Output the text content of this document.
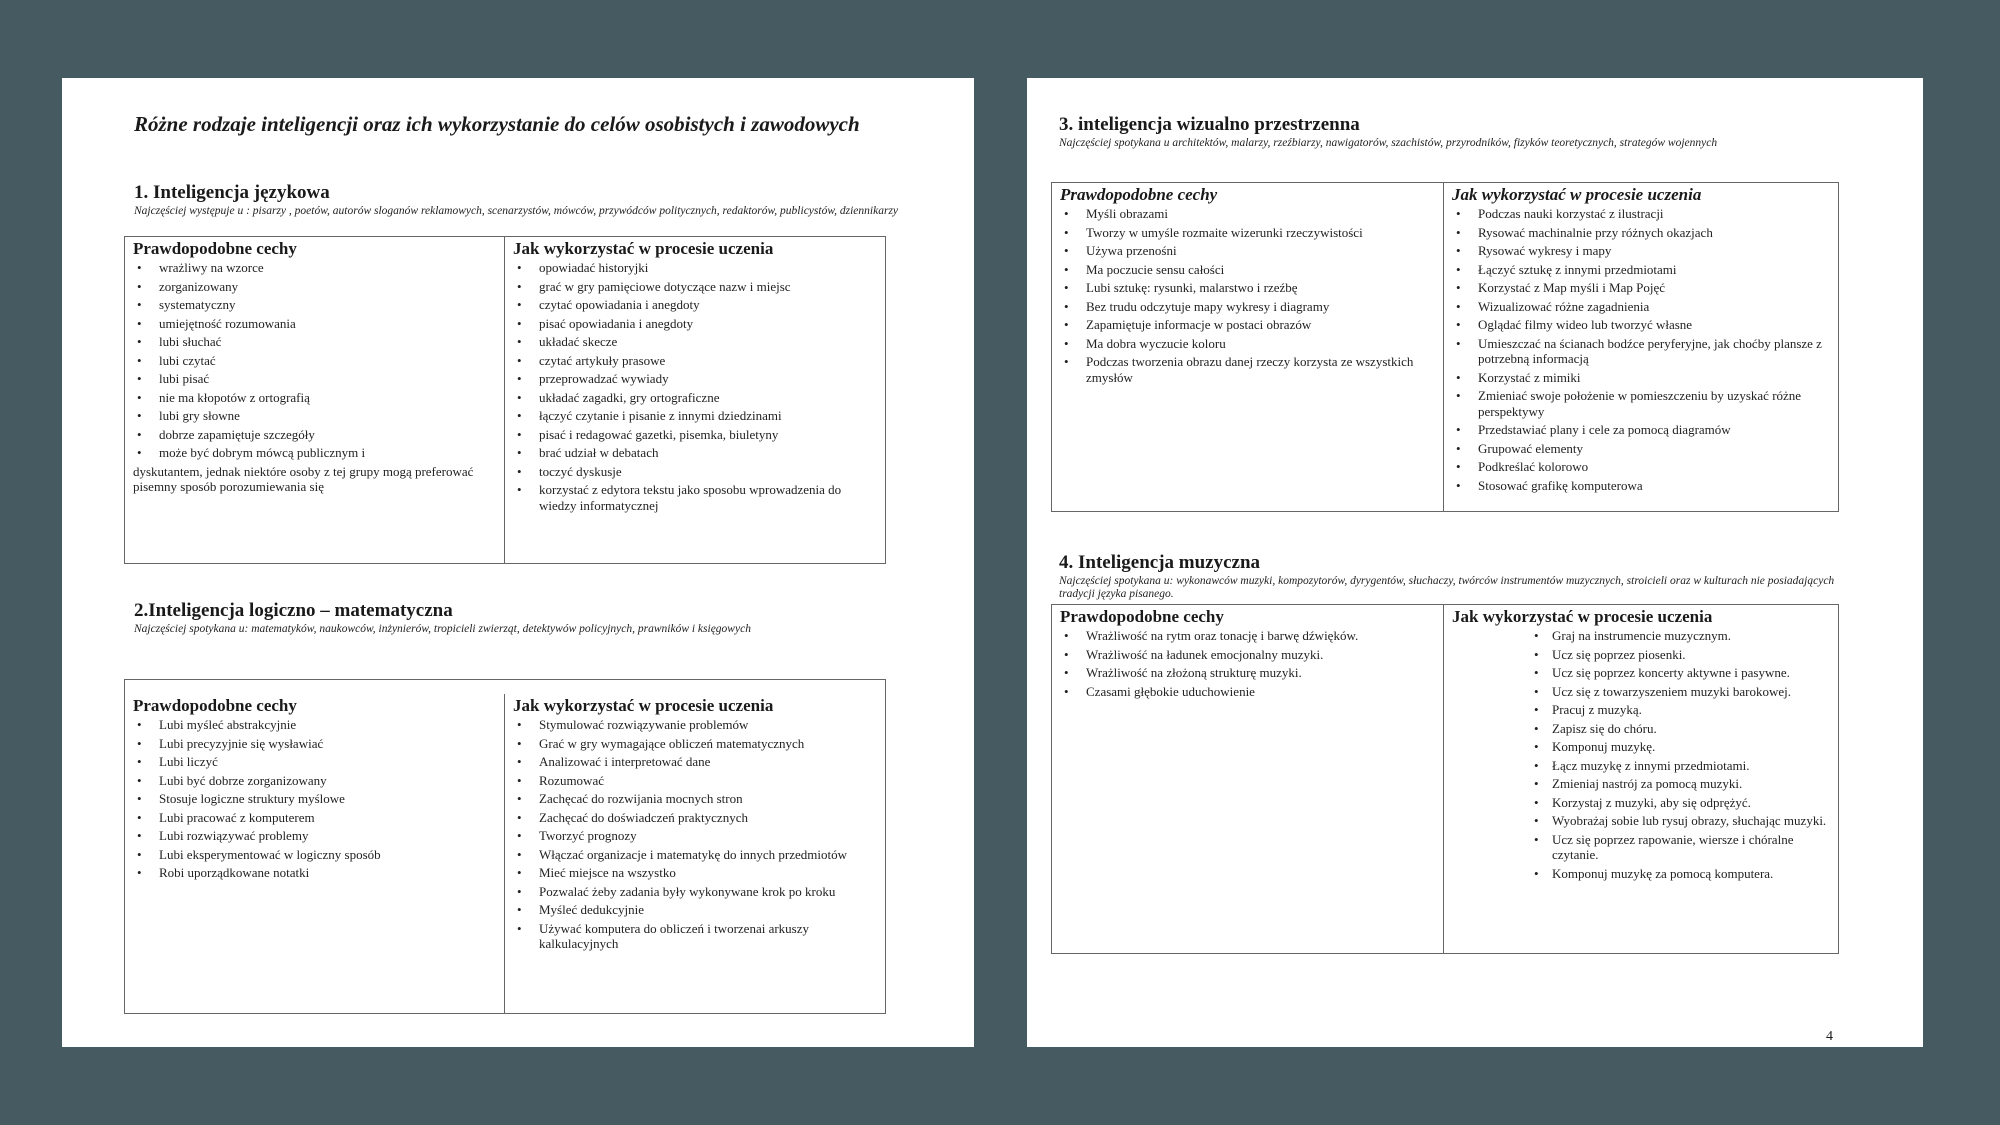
Różne rodzaje inteligencji oraz ich wykorzystanie do celów osobistych i zawodowych
1. Inteligencja językowa

Najczęściej występuje u : pisarzy , poetów, autorów sloganów reklamowych, scenarzystów, mówców, przywódców politycznych, redaktorów, publicystów, dziennikarzy

Prawdopodobne cechy
• wrażliwy na wzorce
• zorganizowany
• systematyczny
• umiejętność rozumowania
• lubi słuchać
• lubi czytać
• lubi pisać
• nie ma kłopotów z ortografią
• lubi gry słowne
• dobrze zapamiętuje szczegóły
• może być dobrym mówcą publicznym i

dyskutantem, jednak niektóre osoby z tej grupy mogą preferować pisemny sposób porozumiewania się

Jak wykorzystać w procesie uczenia
• opowiadać historyjki
• grać w gry pamięciowe dotyczące nazw i miejsc
• czytać opowiadania i anegdoty
• pisać opowiadania i anegdoty
• układać skecze
• czytać artykuły prasowe
• przeprowadzać wywiady
• układać zagadki, gry ortograficzne
• łączyć czytanie i pisanie z innymi dziedzinami
• pisać i redagować gazetki, pisemka, biuletyny
• brać udział w debatach
• toczyć dyskusje
• korzystać z edytora tekstu jako sposobu wprowadzenia do wiedzy informatycznej
2.Inteligencja logiczno – matematyczna

Najczęściej spotykana u: matematyków, naukowców, inżynierów, tropicieli zwierząt, detektywów policyjnych, prawników i księgowych

Prawdopodobne cechy
• Lubi myśleć abstrakcyjnie
• Lubi precyzyjnie się wysławiać
• Lubi liczyć
• Lubi być dobrze zorganizowany
• Stosuje logiczne struktury myślowe
• Lubi pracować z komputerem
• Lubi rozwiązywać problemy
• Lubi eksperymentować w logiczny sposób
• Robi uporządkowane notatki
Jak wykorzystać w procesie uczenia
• Stymulować rozwiązywanie problemów
• Grać w gry wymagające obliczeń matematycznych
• Analizować i interpretować dane
• Rozumować
• Zachęcać do rozwijania mocnych stron
• Zachęcać do doświadczeń praktycznych
• Tworzyć prognozy
• Włączać organizacje i matematykę do innych przedmiotów
• Mieć miejsce na wszystko
• Pozwalać żeby zadania były wykonywane krok po kroku
• Myśleć dedukcyjnie
• Używać komputera do obliczeń i tworzenai arkuszy kalkulacyjnych
3. inteligencja wizualno przestrzenna

Najczęściej spotykana u architektów, malarzy, rzeźbiarzy, nawigatorów, szachistów, przyrodników, fizyków teoretycznych, strategów wojennych

Prawdopodobne cechy
• Myśli obrazami
• Tworzy w umyśle rozmaite wizerunki rzeczywistości
• Używa przenośni
• Ma poczucie sensu całości
• Lubi sztukę: rysunki, malarstwo i rzeźbę
• Bez trudu odczytuje mapy wykresy i diagramy
• Zapamiętuje informacje w postaci obrazów
• Ma dobra wyczucie koloru
• Podczas tworzenia obrazu danej rzeczy korzysta ze wszystkich zmysłów
Jak wykorzystać w procesie uczenia
• Podczas nauki korzystać z ilustracji
• Rysować machinalnie przy różnych okazjach
• Rysować wykresy i mapy
• Łączyć sztukę z innymi przedmiotami
• Korzystać z Map myśli i Map Pojęć
• Wizualizować różne zagadnienia
• Oglądać filmy wideo lub tworzyć własne
• Umieszczać na ścianach bodźce peryferyjne, jak choćby plansze z potrzebną informacją
• Korzystać z mimiki
• Zmieniać swoje położenie w pomieszczeniu by uzyskać różne perspektywy
• Przedstawiać plany i cele za pomocą diagramów
• Grupować elementy
• Podkreślać kolorowo
• Stosować grafikę komputerowa
4. Inteligencja muzyczna

Najczęściej spotykana u: wykonawców muzyki, kompozytorów, dyrygentów, słuchaczy, twórców instrumentów muzycznych, stroicieli oraz w kulturach nie posiadających tradycji języka pisanego.

Prawdopodobne cechy
• Wrażliwość na rytm oraz tonację i barwę dźwięków.
• Wrażliwość na ładunek emocjonalny muzyki.
• Wrażliwość na złożoną strukturę muzyki.
• Czasami głębokie uduchowienie
Jak wykorzystać w procesie uczenia
• Graj na instrumencie muzycznym.
• Ucz się poprzez piosenki.
• Ucz się poprzez koncerty aktywne i pasywne.
• Ucz się z towarzyszeniem muzyki barokowej.
• Pracuj z muzyką.
• Zapisz się do chóru.
• Komponuj muzykę.
• Łącz muzykę z innymi przedmiotami.
• Zmieniaj nastrój za pomocą muzyki.
• Korzystaj z muzyki, aby się odprężyć.
• Wyobrażaj sobie lub rysuj obrazy, słuchając muzyki.
• Ucz się poprzez rapowanie, wiersze i chóralne czytanie.
• Komponuj muzykę za pomocą komputera.
4
